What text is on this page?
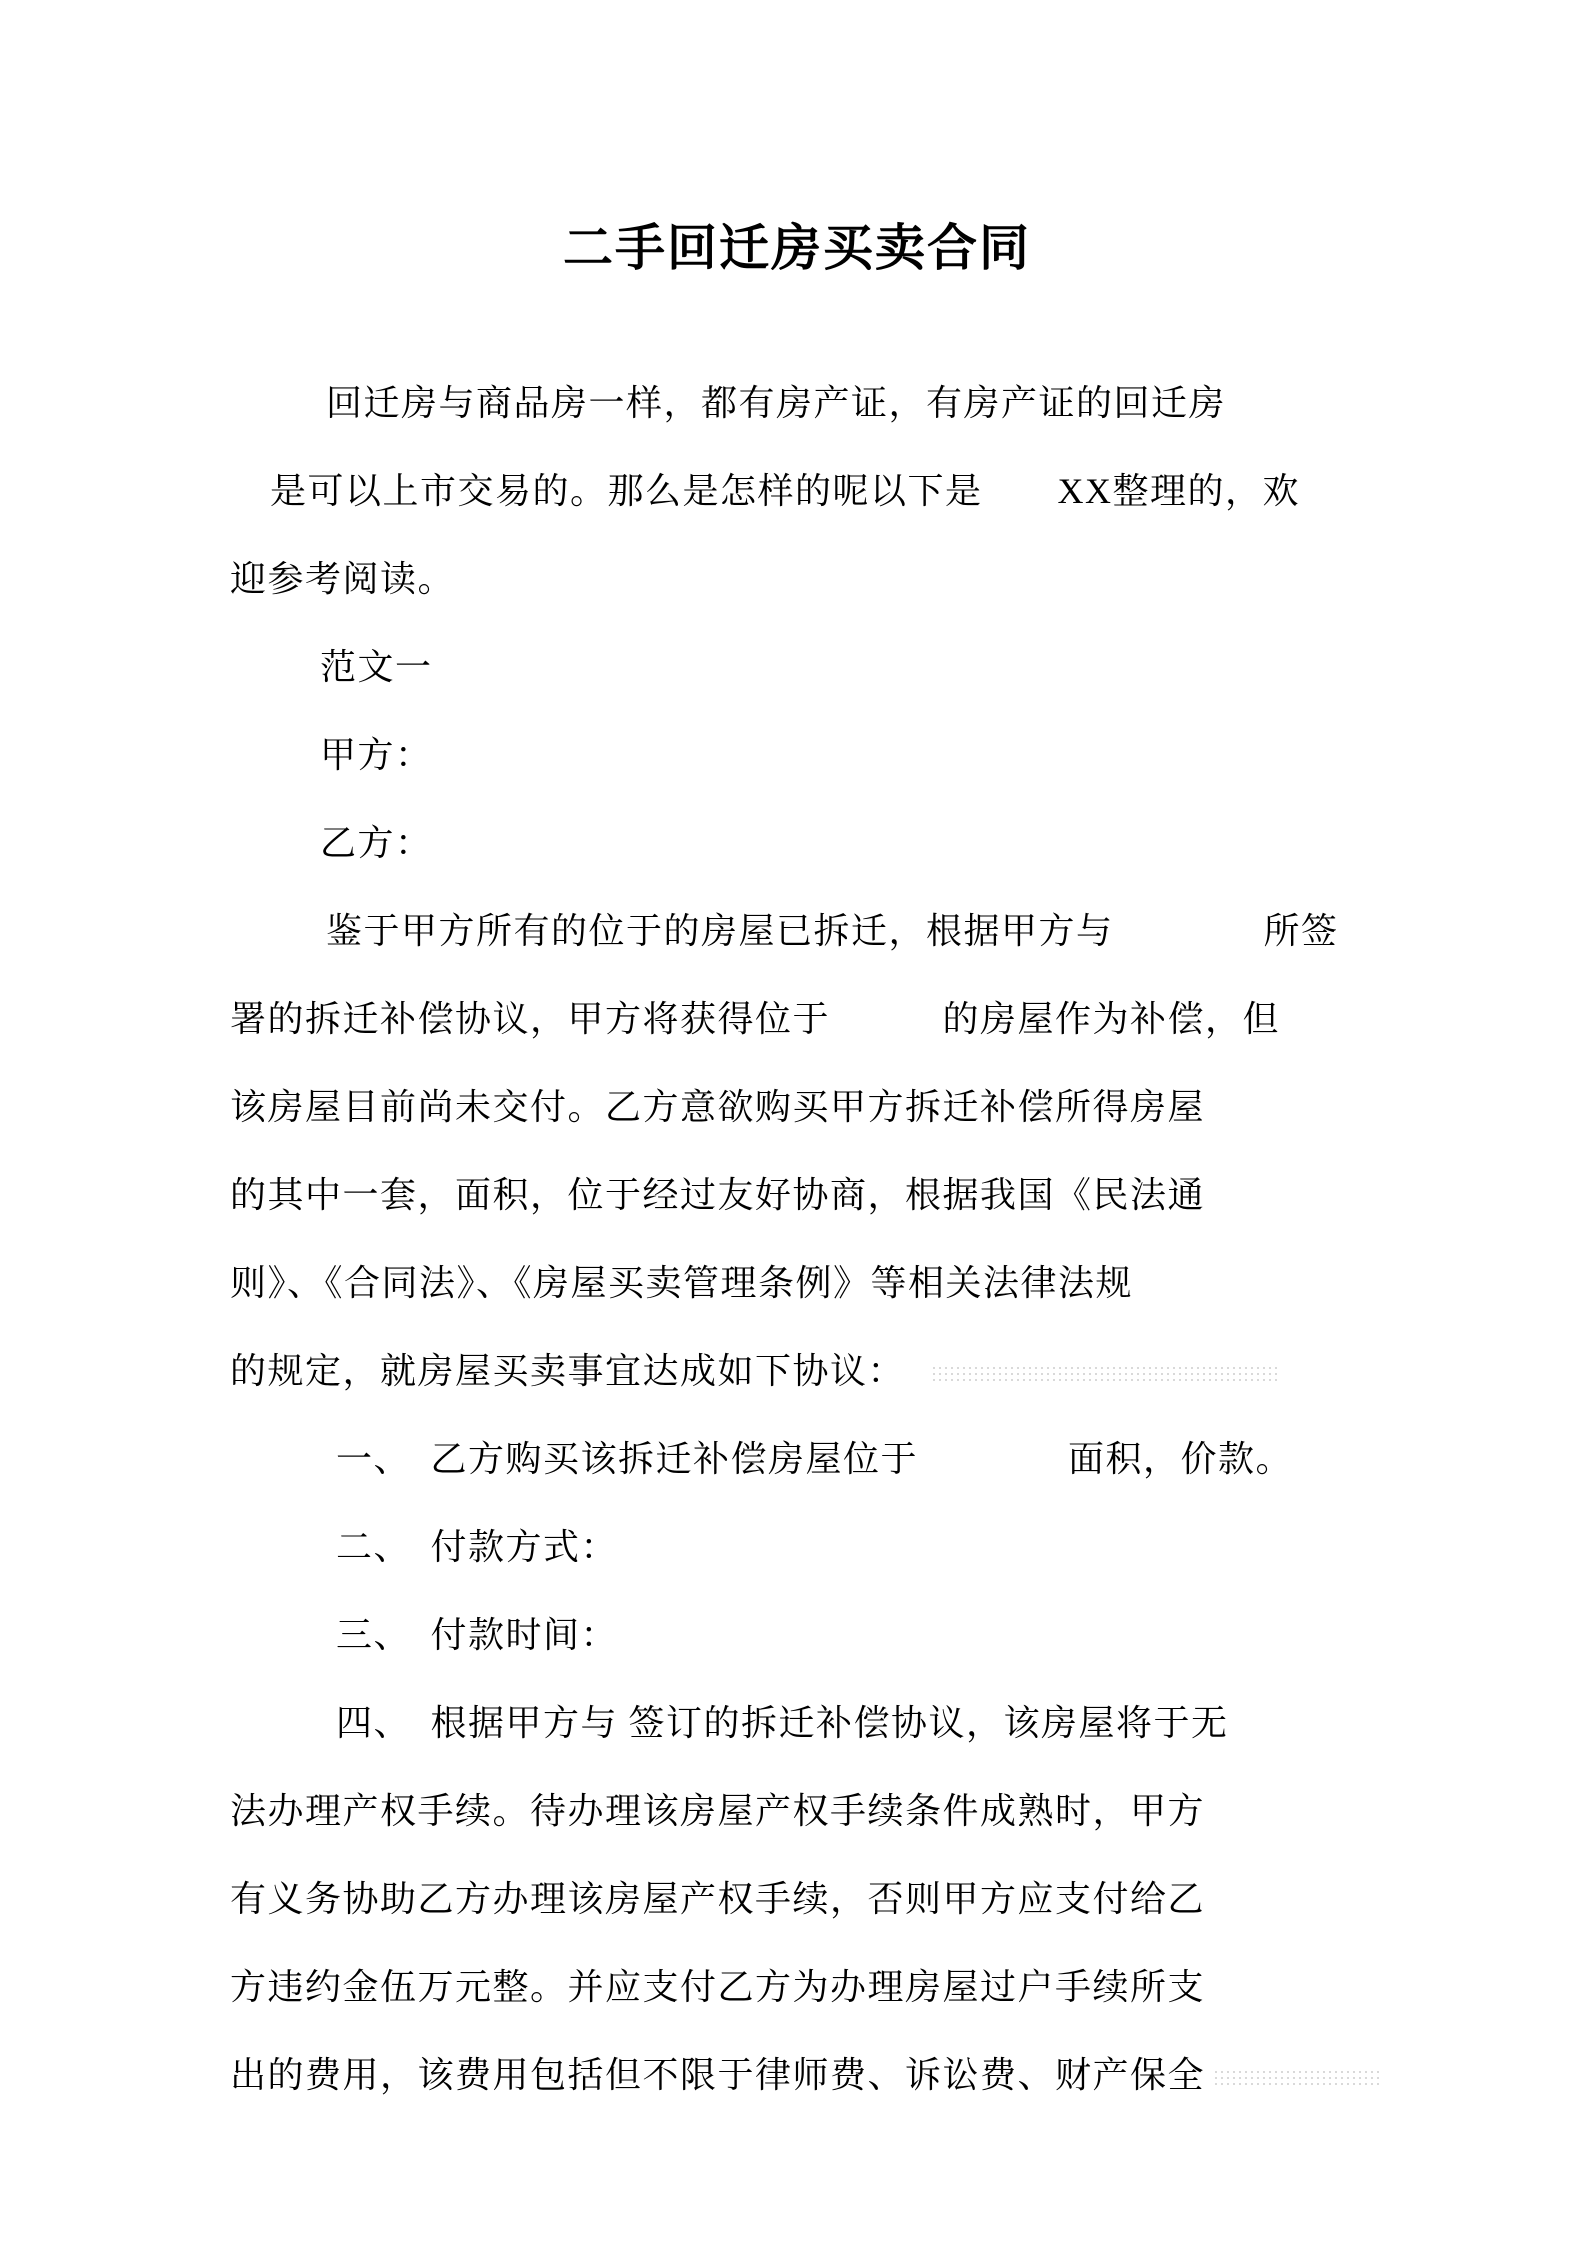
二手回迁房买卖合同
回迁房与商品房一样，都有房产证，有房产证的回迁房
是可以上市交易的。那么是怎样的呢以下是　　XX整理的，欢
迎参考阅读。
范文一
甲方：
乙方：
鉴于甲方所有的位于的房屋已拆迁，根据甲方与　　　　所签
署的拆迁补偿协议，甲方将获得位于　　　的房屋作为补偿，但
该房屋目前尚未交付。乙方意欲购买甲方拆迁补偿所得房屋
的其中一套，面积，位于经过友好协商，根据我国《民法通
则》、《合同法》、《房屋买卖管理条例》等相关法律法规
的规定，就房屋买卖事宜达成如下协议：
一、　乙方购买该拆迁补偿房屋位于　　　　面积，价款。
二、　付款方式：
三、　付款时间：
四、　根据甲方与 签订的拆迁补偿协议，该房屋将于无
法办理产权手续。待办理该房屋产权手续条件成熟时，甲方
有义务协助乙方办理该房屋产权手续，否则甲方应支付给乙
方违约金伍万元整。并应支付乙方为办理房屋过户手续所支
出的费用，该费用包括但不限于律师费、诉讼费、财产保全
